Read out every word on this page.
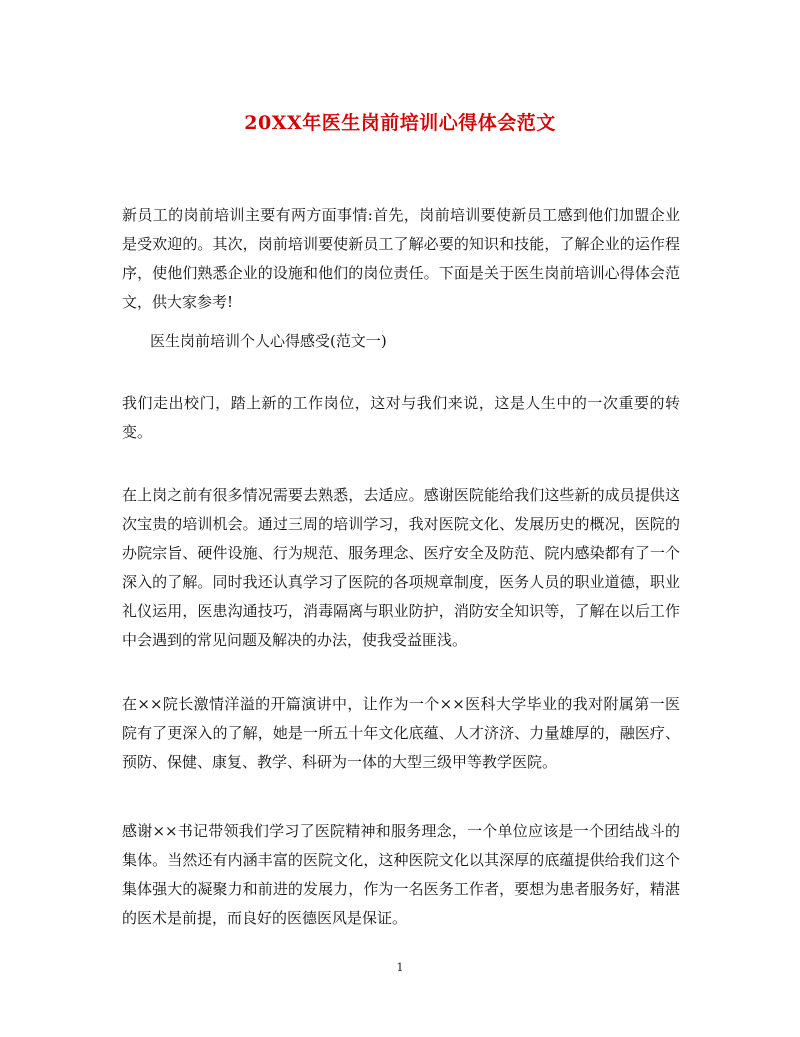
20XX年医生岗前培训心得体会范文

新员工的岗前培训主要有两方面事情:首先，岗前培训要使新员工感到他们加盟企业是受欢迎的。其次，岗前培训要使新员工了解必要的知识和技能，了解企业的运作程序，使他们熟悉企业的设施和他们的岗位责任。下面是关于医生岗前培训心得体会范文，供大家参考!

医生岗前培训个人心得感受(范文一)

我们走出校门，踏上新的工作岗位，这对与我们来说，这是人生中的一次重要的转变。

在上岗之前有很多情况需要去熟悉，去适应。感谢医院能给我们这些新的成员提供这次宝贵的培训机会。通过三周的培训学习，我对医院文化、发展历史的概况，医院的办院宗旨、硬件设施、行为规范、服务理念、医疗安全及防范、院内感染都有了一个深入的了解。同时我还认真学习了医院的各项规章制度，医务人员的职业道德，职业礼仪运用，医患沟通技巧，消毒隔离与职业防护，消防安全知识等，了解在以后工作中会遇到的常见问题及解决的办法，使我受益匪浅。

在××院长激情洋溢的开篇演讲中，让作为一个××医科大学毕业的我对附属第一医院有了更深入的了解，她是一所五十年文化底蕴、人才济济、力量雄厚的，融医疗、预防、保健、康复、教学、科研为一体的大型三级甲等教学医院。

感谢××书记带领我们学习了医院精神和服务理念，一个单位应该是一个团结战斗的集体。当然还有内涵丰富的医院文化，这种医院文化以其深厚的底蕴提供给我们这个集体强大的凝聚力和前进的发展力，作为一名医务工作者，要想为患者服务好，精湛的医术是前提，而良好的医德医风是保证。

1
